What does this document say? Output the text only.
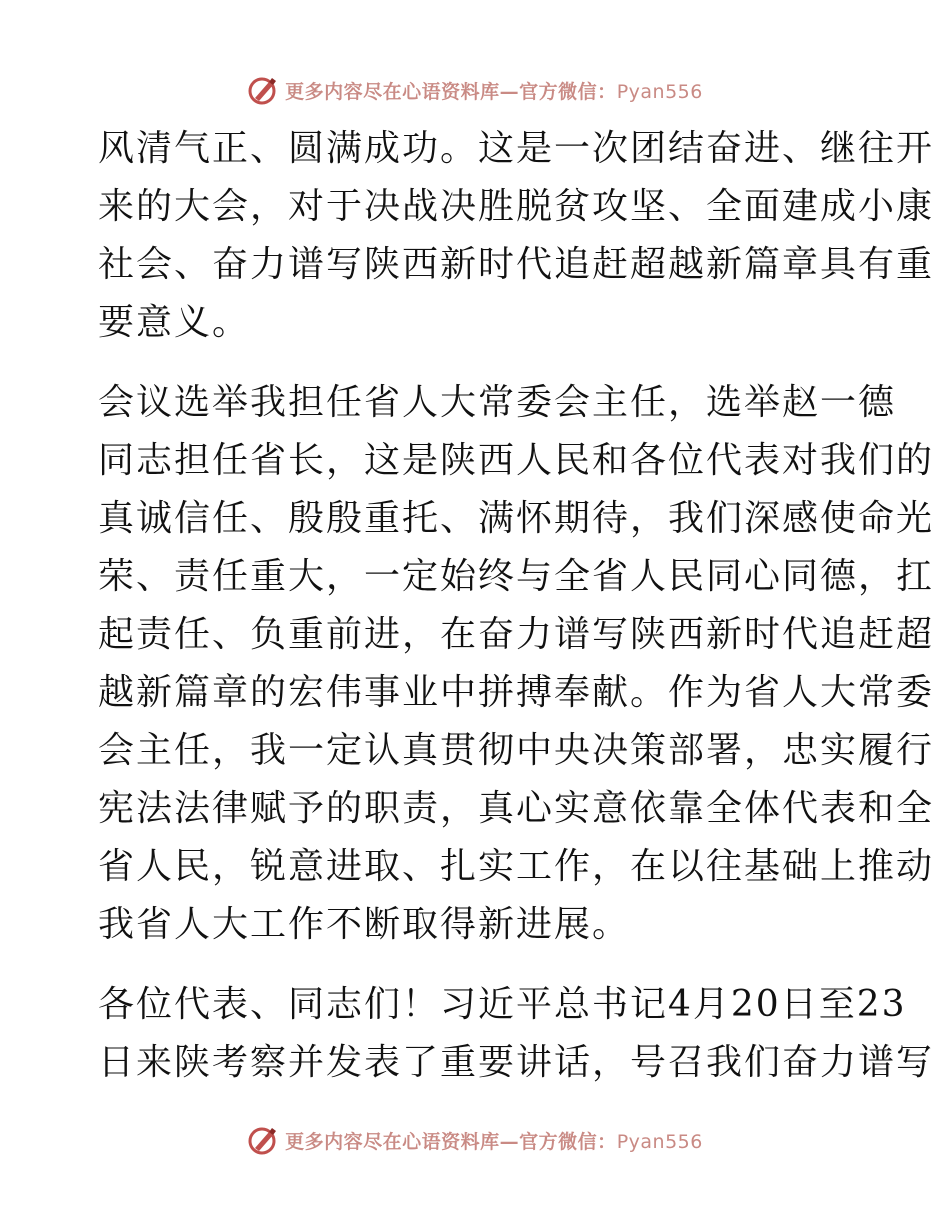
更多内容尽在心语资料库—官方微信：Pyan556
风清气正、圆满成功。这是一次团结奋进、继往开
来的大会，对于决战决胜脱贫攻坚、全面建成小康
社会、奋力谱写陕西新时代追赶超越新篇章具有重
要意义。
会议选举我担任省人大常委会主任，选举赵一德
同志担任省长，这是陕西人民和各位代表对我们的
真诚信任、殷殷重托、满怀期待，我们深感使命光
荣、责任重大，一定始终与全省人民同心同德，扛
起责任、负重前进，在奋力谱写陕西新时代追赶超
越新篇章的宏伟事业中拼搏奉献。作为省人大常委
会主任，我一定认真贯彻中央决策部署，忠实履行
宪法法律赋予的职责，真心实意依靠全体代表和全
省人民，锐意进取、扎实工作，在以往基础上推动
我省人大工作不断取得新进展。
各位代表、同志们！习近平总书记4月20日至23
日来陕考察并发表了重要讲话，号召我们奋力谱写
更多内容尽在心语资料库—官方微信：Pyan556
